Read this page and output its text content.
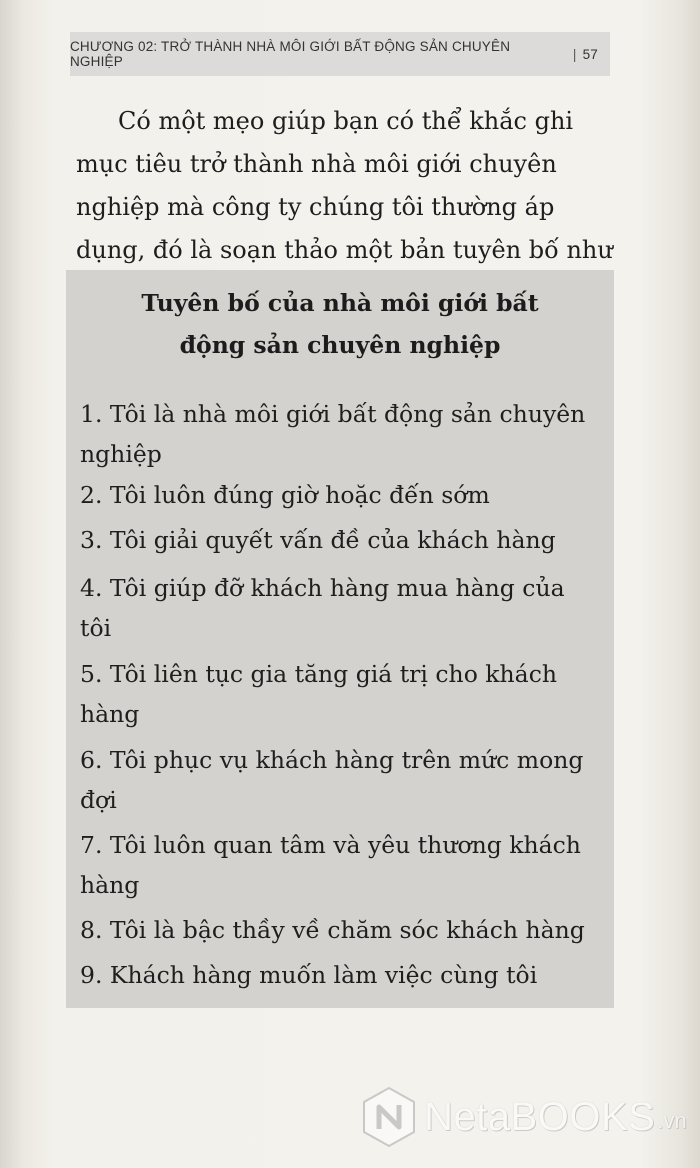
CHƯƠNG 02: TRỞ THÀNH NHÀ MÔI GIỚI BẤT ĐỘNG SẢN CHUYÊN NGHIỆP	| 57

Có một mẹo giúp bạn có thể khắc ghi mục tiêu trở thành nhà môi giới chuyên nghiệp mà công ty chúng tôi thường áp dụng, đó là soạn thảo một bản tuyên bố như

Tuyên bố của nhà môi giới bất động sản chuyên nghiệp

1. Tôi là nhà môi giới bất động sản chuyên nghiệp

2. Tôi luôn đúng giờ hoặc đến sớm

3. Tôi giải quyết vấn đề của khách hàng

4. Tôi giúp đỡ khách hàng mua hàng của tôi

5. Tôi liên tục gia tăng giá trị cho khách hàng

6. Tôi phục vụ khách hàng trên mức mong đợi

7. Tôi luôn quan tâm và yêu thương khách hàng

8. Tôi là bậc thầy về chăm sóc khách hàng

9. Khách hàng muốn làm việc cùng tôi

NetaBOOKS .vn
